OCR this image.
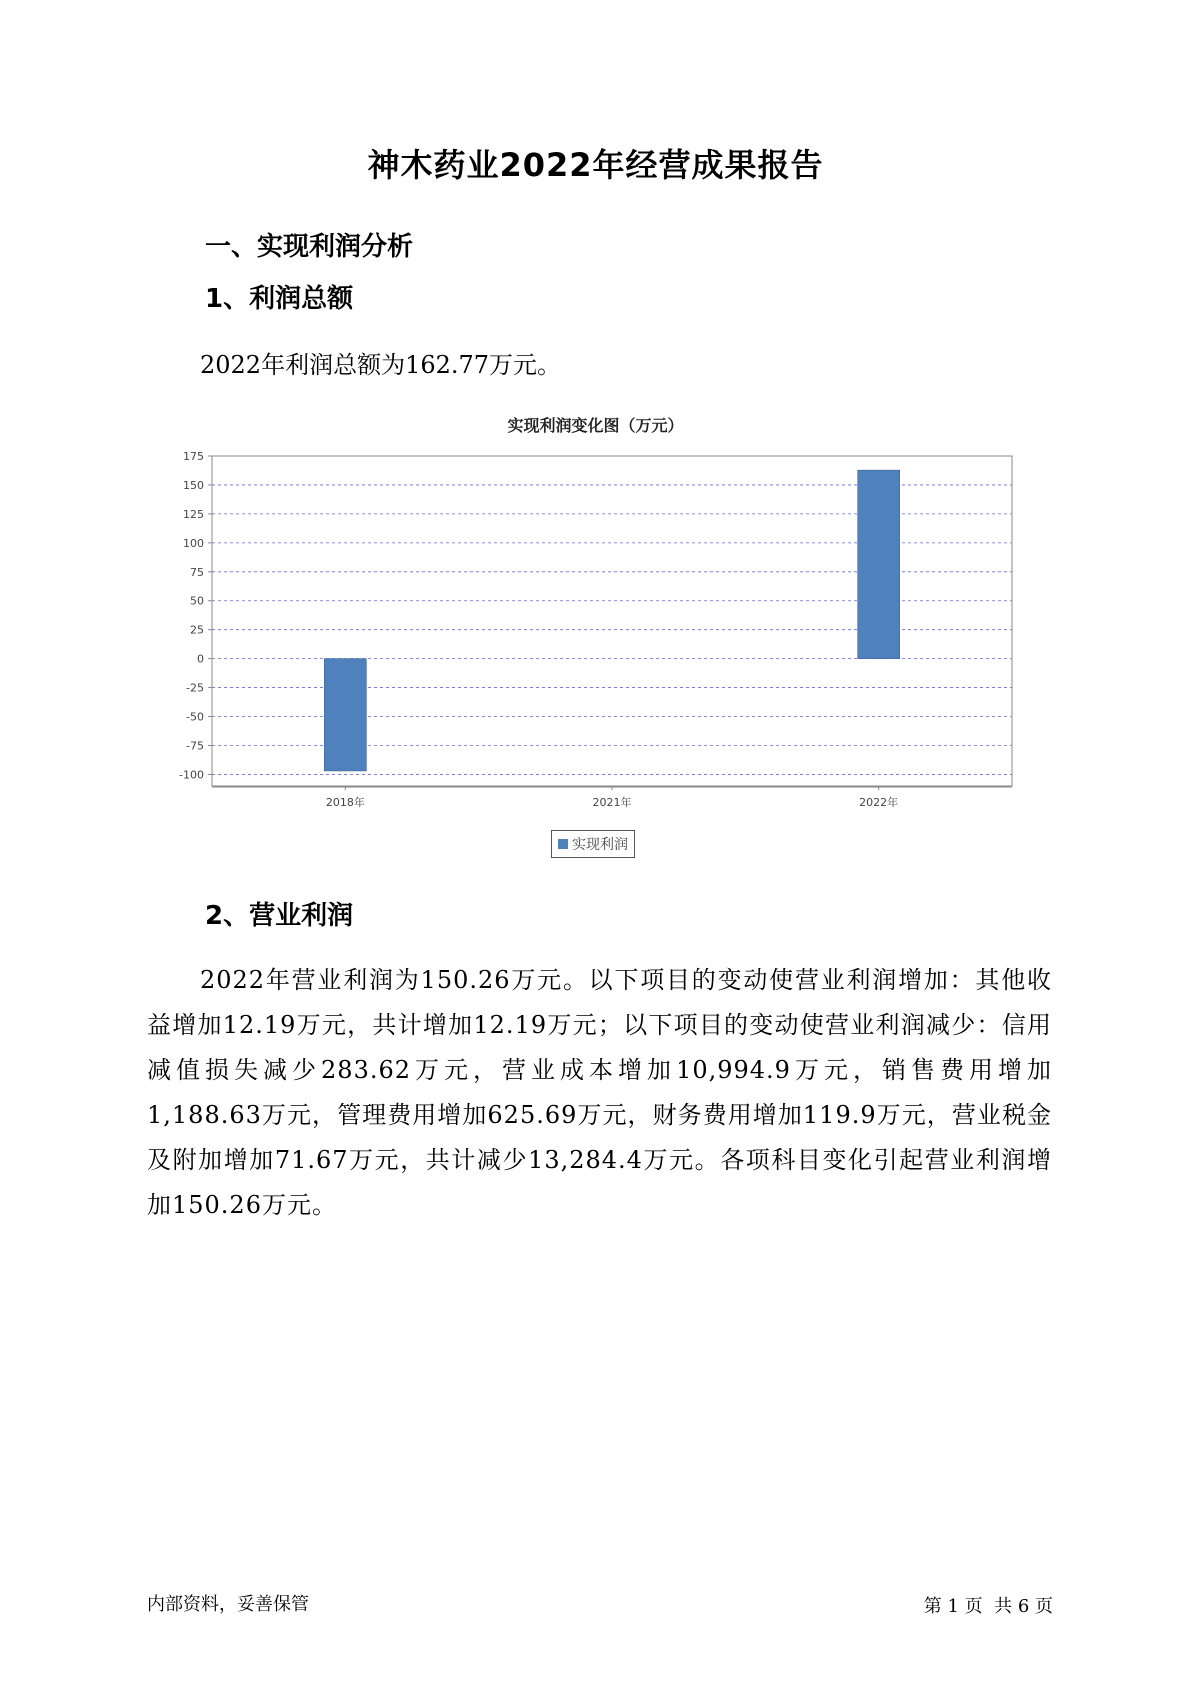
神木药业2022年经营成果报告
一、实现利润分析
1、利润总额
2022年利润总额为162.77万元。
实现利润变化图（万元）
175
150
125
100
75
50
25
0
-25
-50
-75
-100
2018年	2021年	2022年
实现利润
2、营业利润
2022年营业利润为150.26万元。以下项目的变动使营业利润增加：其他收益增加12.19万元，共计增加12.19万元；以下项目的变动使营业利润减少：信用减值损失减少283.62万元，营业成本增加10,994.9万元，销售费用增加1,188.63万元，管理费用增加625.69万元，财务费用增加119.9万元，营业税金及附加增加71.67万元，共计减少13,284.4万元。各项科目变化引起营业利润增加150.26万元。
内部资料，妥善保管	第 1 页  共 6 页
